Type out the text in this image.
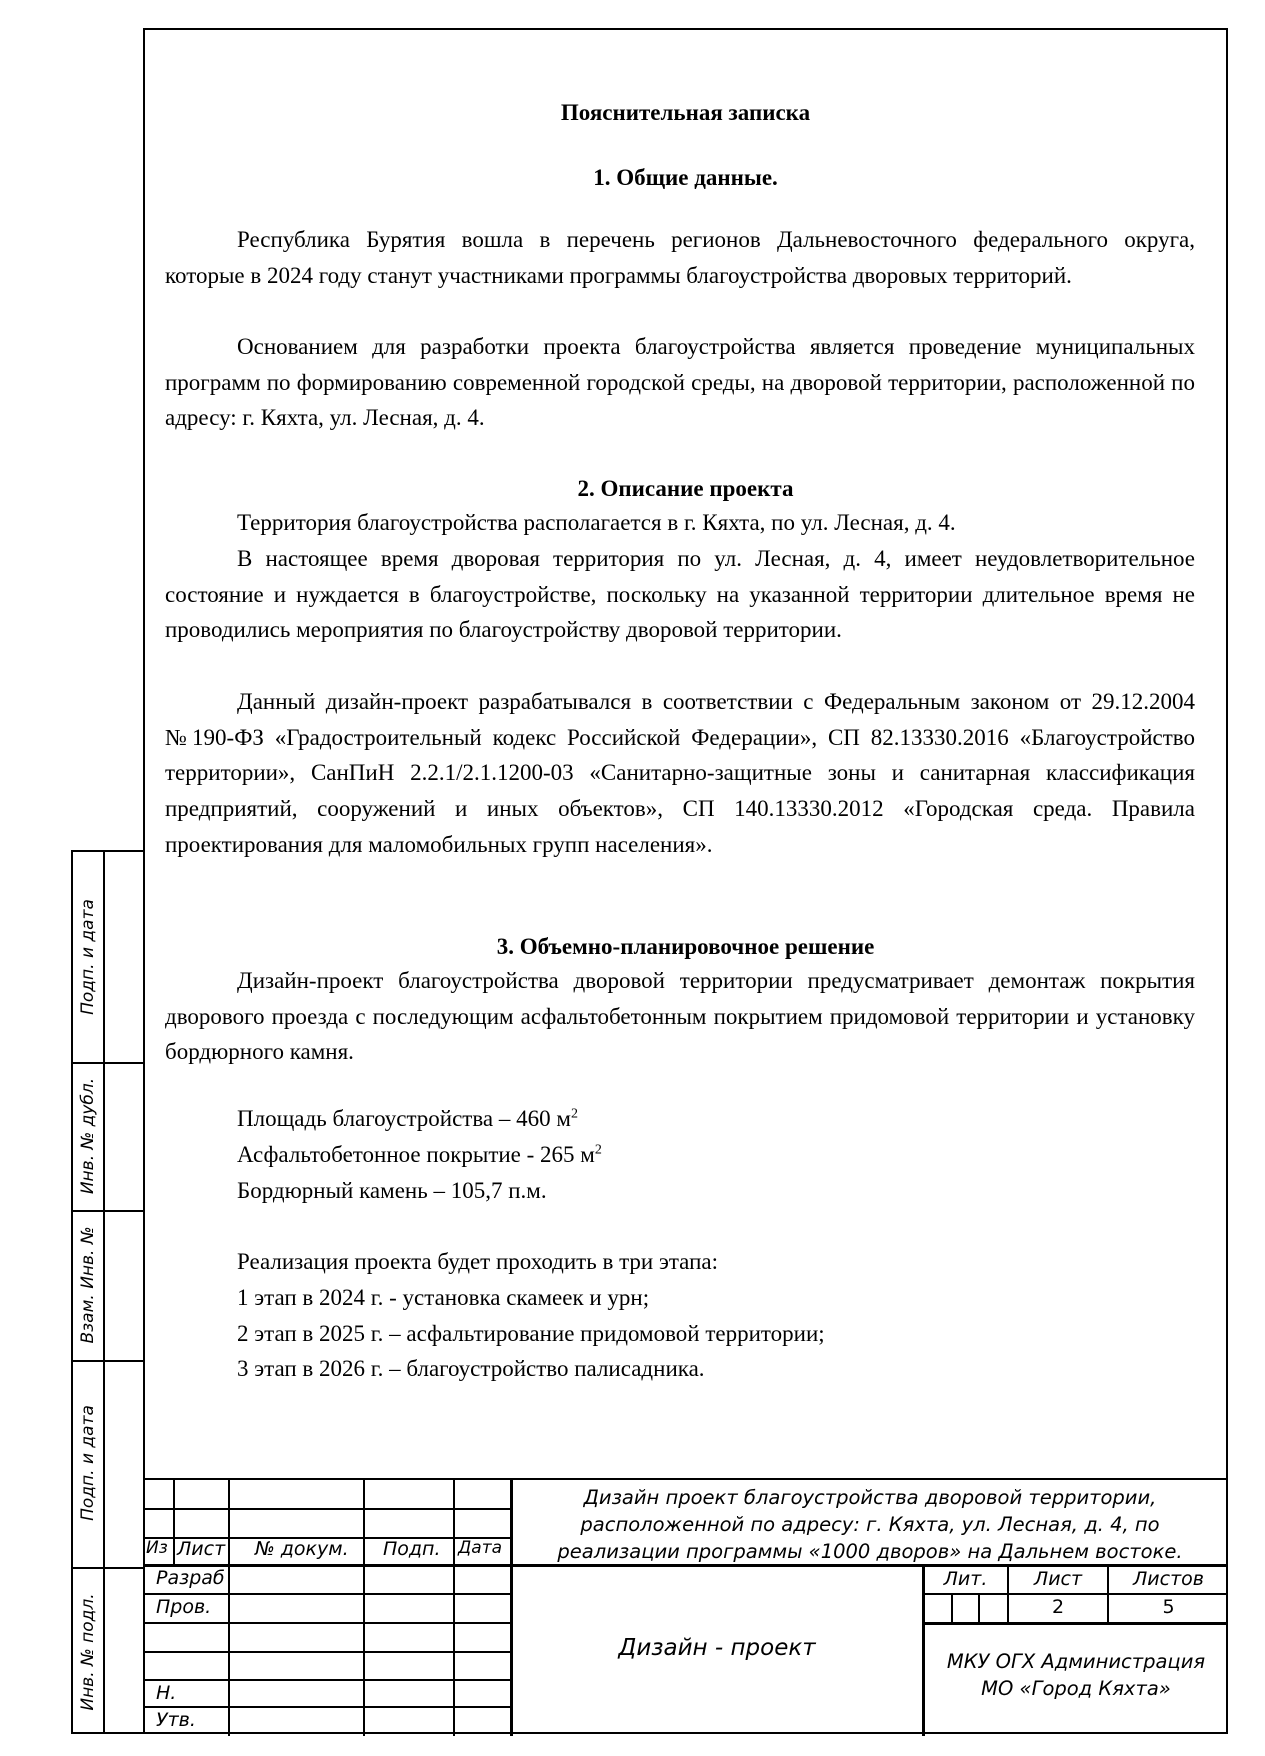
Подп. и дата
Инв. № дубл.
Взам. Инв. №
Подп. и дата
Инв. № подл.
Пояснительная записка
1. Общие данные.

Республика Бурятия вошла в перечень регионов Дальневосточного федерального округа, которые в 2024 году станут участниками программы благоустройства дворовых территорий.

Основанием для разработки проекта благоустройства является проведение муниципальных программ по формированию современной городской среды, на дворовой территории, расположенной по адресу: г. Кяхта, ул. Лесная, д. 4.

2. Описание проекта

Территория благоустройства располагается в г. Кяхта, по ул. Лесная, д. 4.

В настоящее время дворовая территория по ул. Лесная, д. 4, имеет неудовлетворительное состояние и нуждается в благоустройстве, поскольку на указанной территории длительное время не проводились мероприятия по благоустройству дворовой территории.

Данный дизайн-проект разрабатывался в соответствии с Федеральным законом от 29.12.2004 №190-ФЗ «Градостроительный кодекс Российской Федерации», СП 82.13330.2016 «Благоустройство территории», СанПиН 2.2.1/2.1.1200-03 «Санитарно-защитные зоны и санитарная классификация предприятий, сооружений и иных объектов», СП 140.13330.2012 «Городская среда. Правила проектирования для маломобильных групп населения».

3. Объемно-планировочное решение

Дизайн-проект благоустройства дворовой территории предусматривает демонтаж покрытия дворового проезда с последующим асфальтобетонным покрытием придомовой территории и установку бордюрного камня.

Площадь благоустройства – 460 $м^2$
Асфальтобетонное покрытие - 265 $м^2$
Бордюрный камень – 105,7 п.м.
Реализация проекта будет проходить в три этапа:
1 этап в 2024 г. - установка скамеек и урн;
2 этап в 2025 г. – асфальтирование придомовой территории;
3 этап в 2026 г. – благоустройство палисадника.
Из Лист № докум. Подп. Дата
Разраб
Пров.
Н.
Утв.
Дизайн проект благоустройства дворовой территории,
расположенной по адресу: г. Кяхта, ул. Лесная, д. 4, по
реализации программы «1000 дворов» на Дальнем востоке.
Дизайн - проект
Лит.	Лист	Листов
2	5
МКУ ОГХ Администрация
МО «Город Кяхта»
